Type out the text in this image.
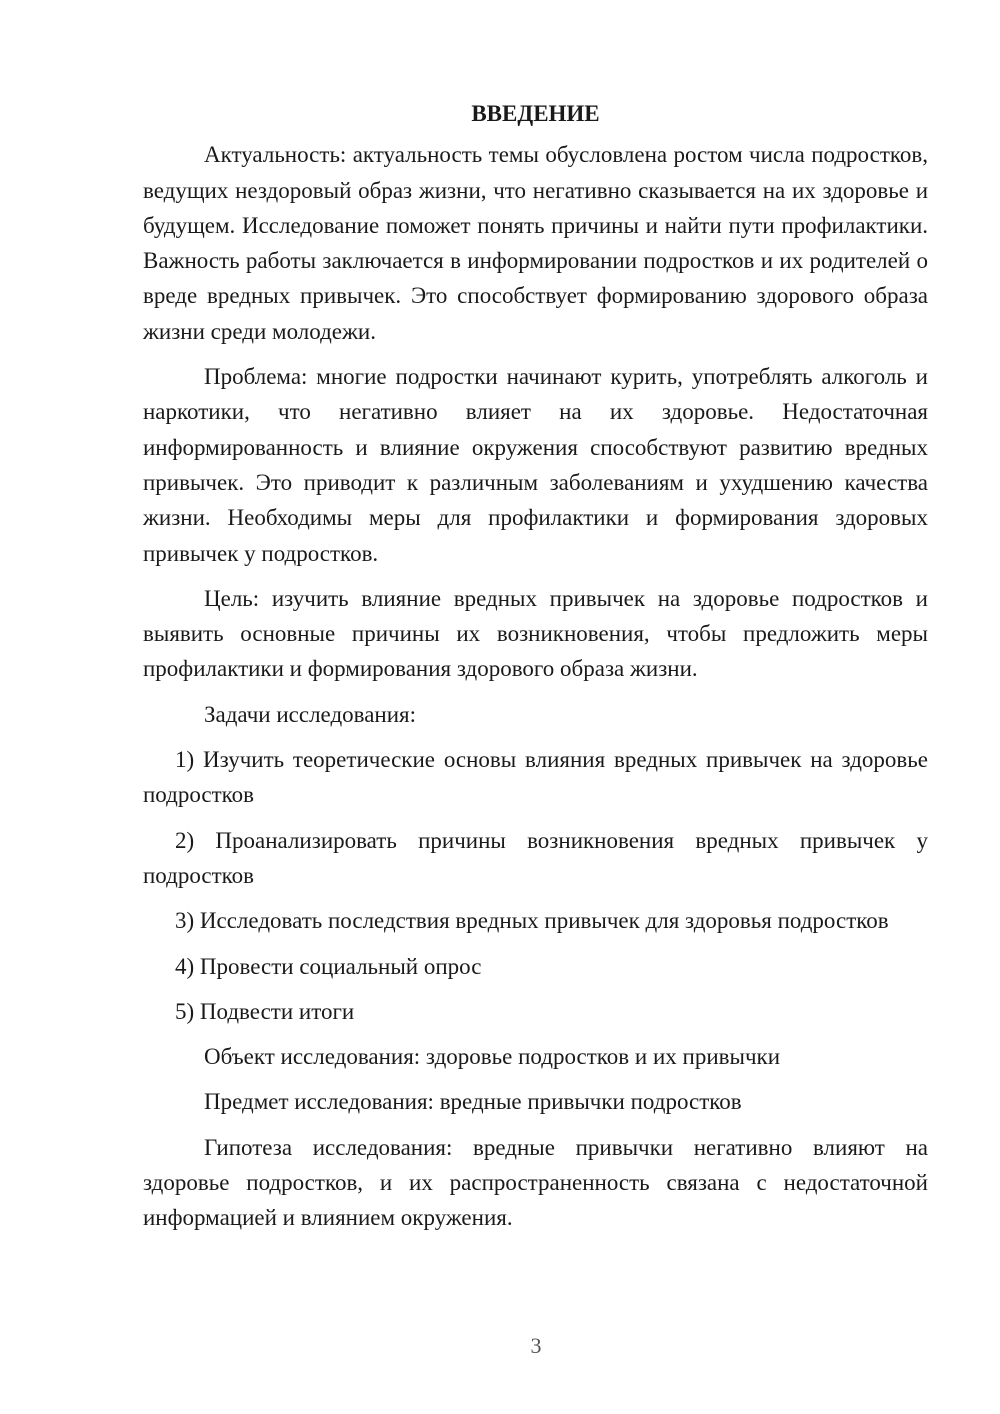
ВВЕДЕНИЕ

Актуальность: актуальность темы обусловлена ростом числа подростков, ведущих нездоровый образ жизни, что негативно сказывается на их здоровье и будущем. Исследование поможет понять причины и найти пути профилактики. Важность работы заключается в информировании подростков и их родителей о вреде вредных привычек. Это способствует формированию здорового образа жизни среди молодежи.

Проблема: многие подростки начинают курить, употреблять алкоголь и наркотики, что негативно влияет на их здоровье. Недостаточная информированность и влияние окружения способствуют развитию вредных привычек. Это приводит к различным заболеваниям и ухудшению качества жизни. Необходимы меры для профилактики и формирования здоровых привычек у подростков.

Цель: изучить влияние вредных привычек на здоровье подростков и выявить основные причины их возникновения, чтобы предложить меры профилактики и формирования здорового образа жизни.

Задачи исследования:

1) Изучить теоретические основы влияния вредных привычек на здоровье подростков

2) Проанализировать причины возникновения вредных привычек у подростков

3) Исследовать последствия вредных привычек для здоровья подростков

4) Провести социальный опрос

5) Подвести итоги

Объект исследования: здоровье подростков и их привычки

Предмет исследования: вредные привычки подростков

Гипотеза исследования: вредные привычки негативно влияют на здоровье подростков, и их распространенность связана с недостаточной информацией и влиянием окружения.

3
